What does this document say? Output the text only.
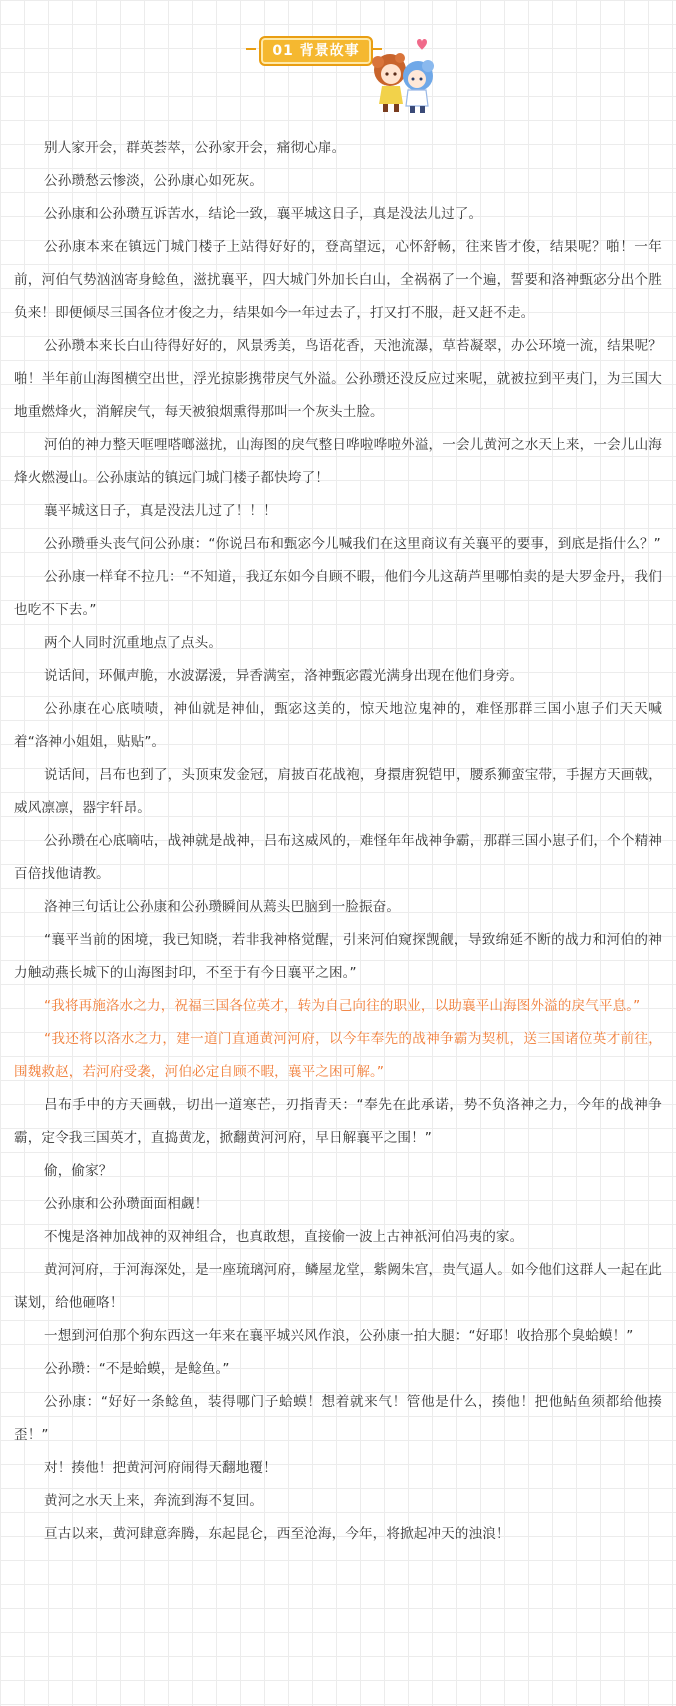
01 背景故事

别人家开会，群英荟萃，公孙家开会，痛彻心扉。

公孙瓒愁云惨淡，公孙康心如死灰。

公孙康和公孙瓒互诉苦水，结论一致，襄平城这日子，真是没法儿过了。

公孙康本来在镇远门城门楼子上站得好好的，登高望远，心怀舒畅，往来皆才俊，结果呢？啪！一年前，河伯气势汹汹寄身鲶鱼，滋扰襄平，四大城门外加长白山，全祸祸了一个遍，誓要和洛神甄宓分出个胜负来！即便倾尽三国各位才俊之力，结果如今一年过去了，打又打不服，赶又赶不走。

公孙瓒本来长白山待得好好的，风景秀美，鸟语花香，天池流瀑，草苔凝翠，办公环境一流，结果呢？啪！半年前山海图横空出世，浮光掠影携带戾气外溢。公孙瓒还没反应过来呢，就被拉到平夷门，为三国大地重燃烽火，消解戾气，每天被狼烟熏得那叫一个灰头土脸。

河伯的神力整天哐哩嗒啷滋扰，山海图的戾气整日哗啦哗啦外溢，一会儿黄河之水天上来，一会儿山海烽火燃漫山。公孙康站的镇远门城门楼子都快垮了！

襄平城这日子，真是没法儿过了！！！

公孙瓒垂头丧气问公孙康：“你说吕布和甄宓今儿喊我们在这里商议有关襄平的要事，到底是指什么？”

公孙康一样耷不拉几：“不知道，我辽东如今自顾不暇，他们今儿这葫芦里哪怕卖的是大罗金丹，我们也吃不下去。”

两个人同时沉重地点了点头。

说话间，环佩声脆，水波潺湲，异香满室，洛神甄宓霞光满身出现在他们身旁。

公孙康在心底啧啧，神仙就是神仙，甄宓这美的，惊天地泣鬼神的，难怪那群三国小崽子们天天喊着“洛神小姐姐，贴贴”。

说话间，吕布也到了，头顶束发金冠，肩披百花战袍，身擐唐猊铠甲，腰系狮蛮宝带，手握方天画戟，威风凛凛，器宇轩昂。

公孙瓒在心底嘀咕，战神就是战神，吕布这威风的，难怪年年战神争霸，那群三国小崽子们，个个精神百倍找他请教。

洛神三句话让公孙康和公孙瓒瞬间从蔫头巴脑到一脸振奋。

“襄平当前的困境，我已知晓，若非我神格觉醒，引来河伯窥探觊觎，导致绵延不断的战力和河伯的神力触动燕长城下的山海图封印，不至于有今日襄平之困。”

“我将再施洛水之力，祝福三国各位英才，转为自己向往的职业，以助襄平山海图外溢的戾气平息。”

“我还将以洛水之力，建一道门直通黄河河府，以今年奉先的战神争霸为契机，送三国诸位英才前往，围魏救赵，若河府受袭，河伯必定自顾不暇，襄平之困可解。”

吕布手中的方天画戟，切出一道寒芒，刃指青天：“奉先在此承诺，势不负洛神之力，今年的战神争霸，定令我三国英才，直捣黄龙，掀翻黄河河府，早日解襄平之围！”

偷，偷家？

公孙康和公孙瓒面面相觑！

不愧是洛神加战神的双神组合，也真敢想，直接偷一波上古神祇河伯冯夷的家。

黄河河府，于河海深处，是一座琉璃河府，鳞屋龙堂，紫阙朱宫，贵气逼人。如今他们这群人一起在此谋划，给他砸咯！

一想到河伯那个狗东西这一年来在襄平城兴风作浪，公孙康一拍大腿：“好耶！收拾那个臭蛤蟆！”

公孙瓒：“不是蛤蟆，是鲶鱼。”

公孙康：“好好一条鲶鱼，装得哪门子蛤蟆！想着就来气！管他是什么，揍他！把他鲇鱼须都给他揍歪！”

对！揍他！把黄河河府闹得天翻地覆！

黄河之水天上来，奔流到海不复回。

亘古以来，黄河肆意奔腾，东起昆仑，西至沧海，今年，将掀起冲天的浊浪！
